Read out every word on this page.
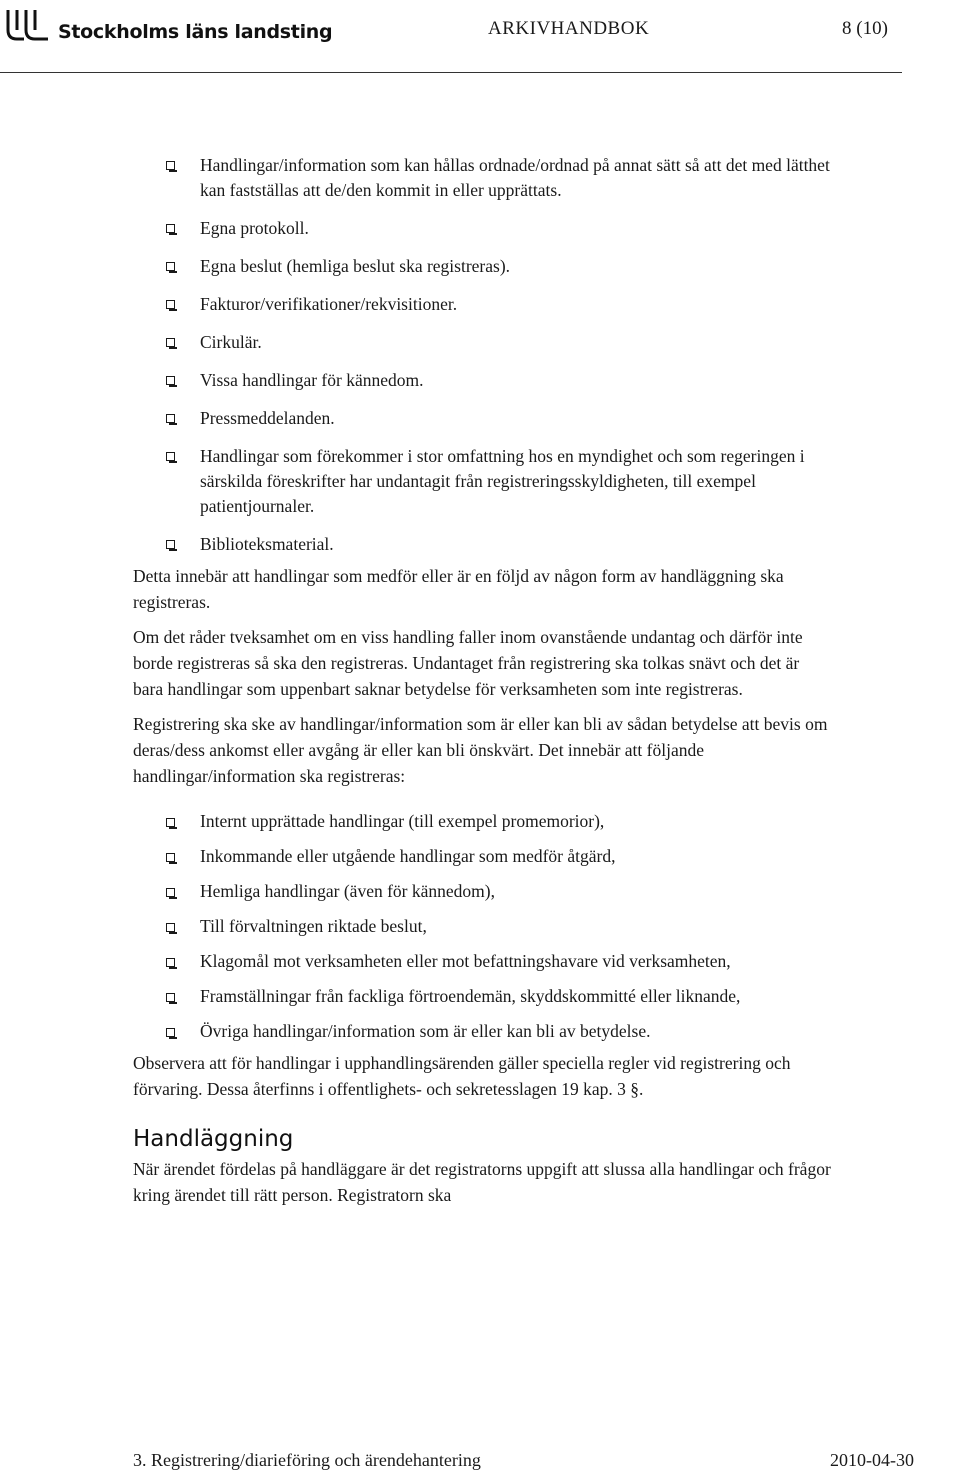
Stockholms läns landsting	ARKIVHANDBOK	8 (10)
Handlingar/information som kan hållas ordnade/ordnad på annat sätt så att det med lätthet kan fastställas att de/den kommit in eller upprättats.
Egna protokoll.
Egna beslut (hemliga beslut ska registreras).
Fakturor/verifikationer/rekvisitioner.
Cirkulär.
Vissa handlingar för kännedom.
Pressmeddelanden.
Handlingar som förekommer i stor omfattning hos en myndighet och som regeringen i särskilda föreskrifter har undantagit från registreringsskyldigheten, till exempel patientjournaler.
Biblioteksmaterial.

Detta innebär att handlingar som medför eller är en följd av någon form av handläggning ska registreras.

Om det råder tveksamhet om en viss handling faller inom ovanstående undantag och därför inte borde registreras så ska den registreras. Undantaget från registrering ska tolkas snävt och det är bara handlingar som uppenbart saknar betydelse för verksamheten som inte registreras.

Registrering ska ske av handlingar/information som är eller kan bli av sådan betydelse att bevis om deras/dess ankomst eller avgång är eller kan bli önskvärt. Det innebär att följande handlingar/information ska registreras:

Internt upprättade handlingar (till exempel promemorior),
Inkommande eller utgående handlingar som medför åtgärd,
Hemliga handlingar (även för kännedom),
Till förvaltningen riktade beslut,
Klagomål mot verksamheten eller mot befattningshavare vid verksamheten,
Framställningar från fackliga förtroendemän, skyddskommitté eller liknande,
Övriga handlingar/information som är eller kan bli av betydelse.

Observera att för handlingar i upphandlingsärenden gäller speciella regler vid registrering och förvaring. Dessa återfinns i offentlighets- och sekretesslagen 19 kap. 3 §.

Handläggning

När ärendet fördelas på handläggare är det registratorns uppgift att slussa alla handlingar och frågor kring ärendet till rätt person. Registratorn ska

3. Registrering/diarieföring och ärendehantering	2010-04-30
